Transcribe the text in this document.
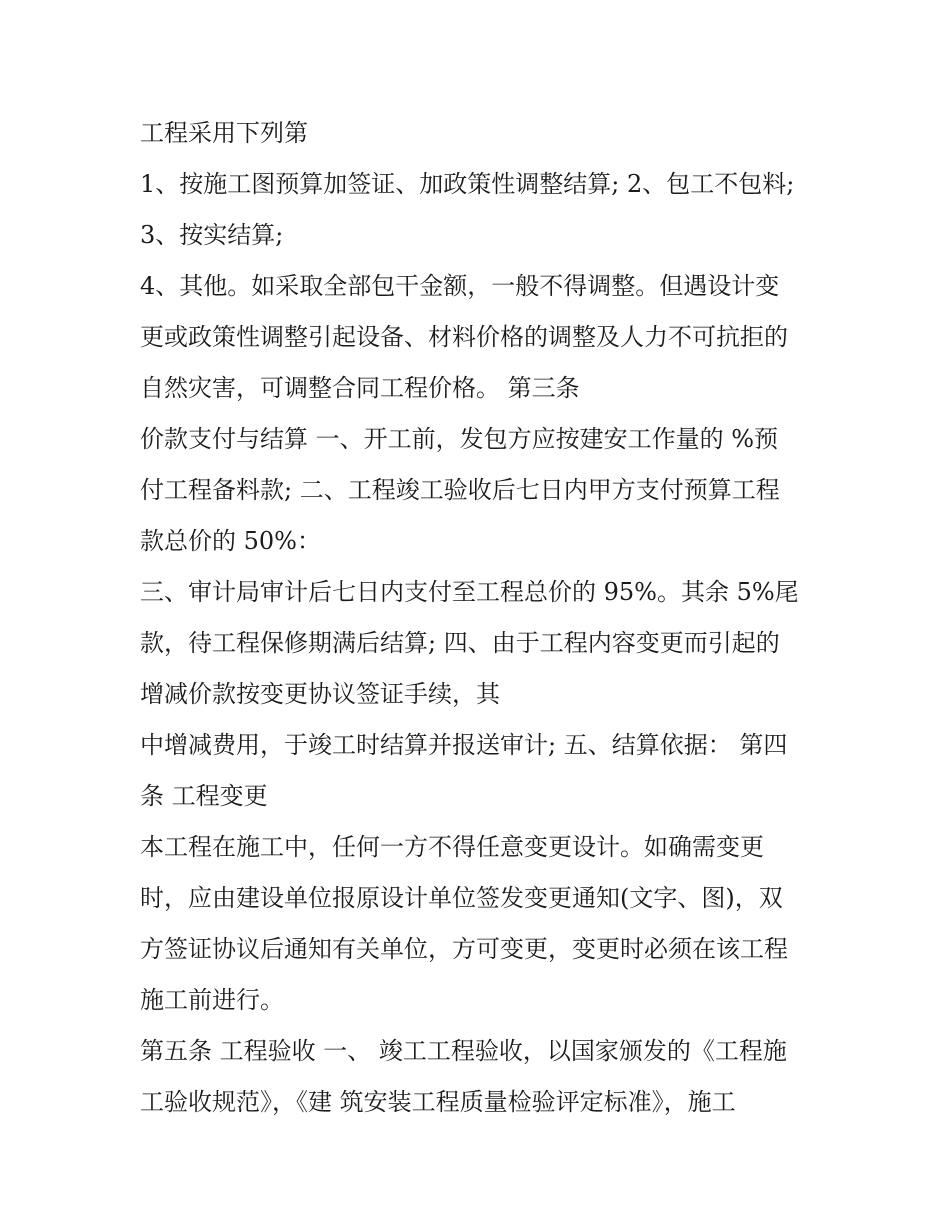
工程采用下列第
1、按施工图预算加签证、加政策性调整结算; 2、包工不包料;
3、按实结算;
4、其他。如采取全部包干金额，一般不得调整。但遇设计变
更或政策性调整引起设备、材料价格的调整及人力不可抗拒的
自然灾害，可调整合同工程价格。 第三条
价款支付与结算 一、开工前，发包方应按建安工作量的 %预
付工程备料款; 二、工程竣工验收后七日内甲方支付预算工程
款总价的 50%：
三、审计局审计后七日内支付至工程总价的 95%。其余 5%尾
款，待工程保修期满后结算; 四、由于工程内容变更而引起的
增减价款按变更协议签证手续，其
中增减费用，于竣工时结算并报送审计; 五、结算依据： 第四
条 工程变更
本工程在施工中，任何一方不得任意变更设计。如确需变更
时，应由建设单位报原设计单位签发变更通知(文字、图)，双
方签证协议后通知有关单位，方可变更，变更时必须在该工程
施工前进行。
第五条 工程验收 一、 竣工工程验收，以国家颁发的《工程施
工验收规范》，《建 筑安装工程质量检验评定标准》，施工
